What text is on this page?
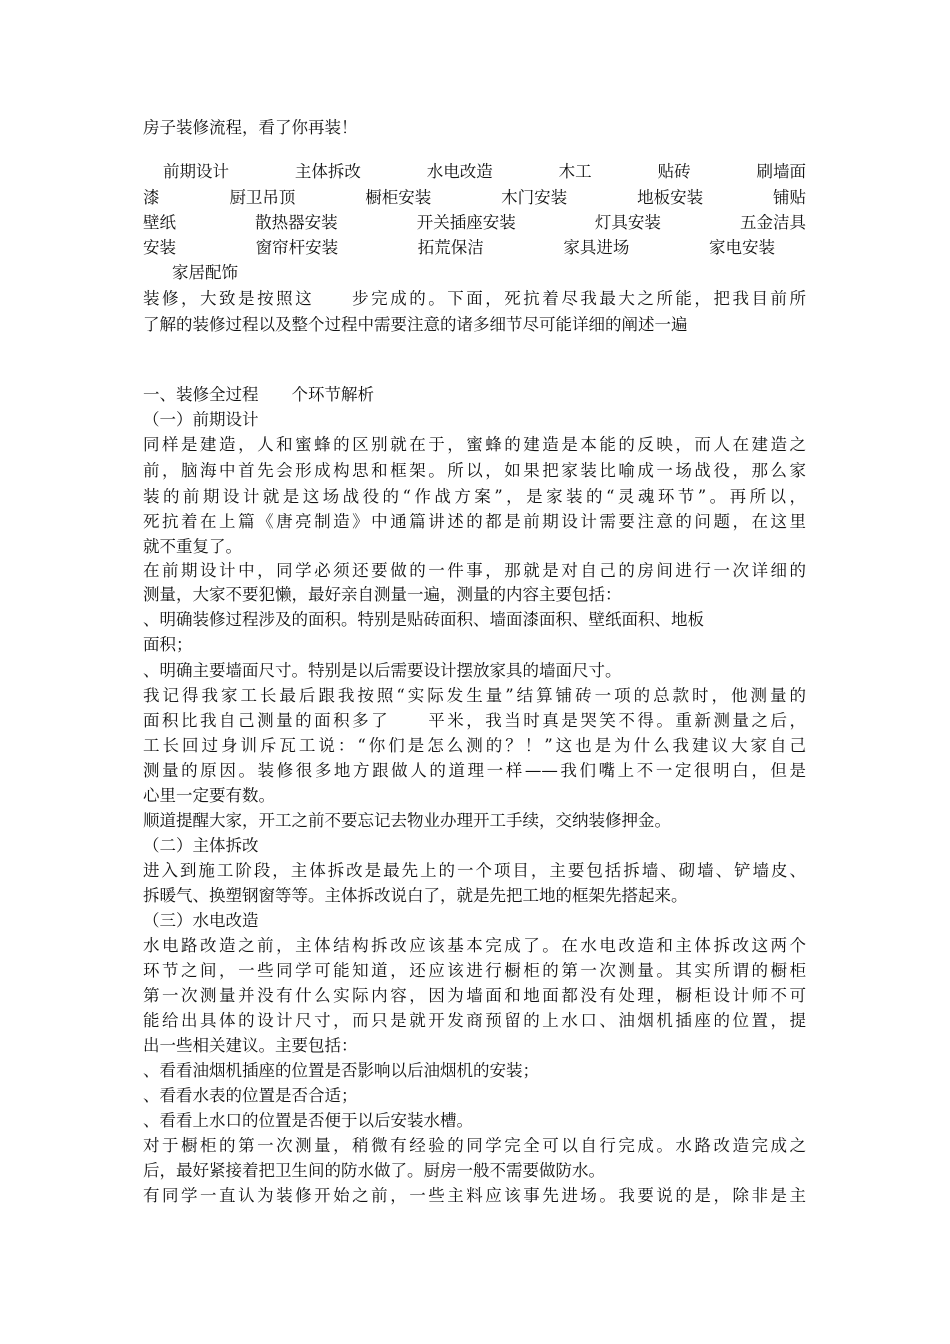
房子装修流程，看了你再装！
前期设计	主体拆改	水电改造	木工	贴砖	刷墙面
漆	厨卫吊顶	橱柜安装	木门安装	地板安装	铺贴
壁纸	散热器安装	开关插座安装	灯具安装	五金洁具
安装	窗帘杆安装	拓荒保洁	家具进场	家电安装
家居配饰
装修，大致是按照这　　步完成的。下面，死抗着尽我最大之所能，把我目前所
了解的装修过程以及整个过程中需要注意的诸多细节尽可能详细的阐述一遍
一、装修全过程　　个环节解析
（一）前期设计
同样是建造，人和蜜蜂的区别就在于，蜜蜂的建造是本能的反映，而人在建造之
前，脑海中首先会形成构思和框架。所以，如果把家装比喻成一场战役，那么家
装的前期设计就是这场战役的“作战方案”，是家装的“灵魂环节”。再所以，
死抗着在上篇《唐亮制造》中通篇讲述的都是前期设计需要注意的问题，在这里
就不重复了。
在前期设计中，同学必须还要做的一件事，那就是对自己的房间进行一次详细的
测量，大家不要犯懒，最好亲自测量一遍，测量的内容主要包括：
、明确装修过程涉及的面积。特别是贴砖面积、墙面漆面积、壁纸面积、地板
面积；
、明确主要墙面尺寸。特别是以后需要设计摆放家具的墙面尺寸。
我记得我家工长最后跟我按照“实际发生量”结算铺砖一项的总款时，他测量的
面积比我自己测量的面积多了　　平米，我当时真是哭笑不得。重新测量之后，
工长回过身训斥瓦工说：“你们是怎么测的？！”这也是为什么我建议大家自己
测量的原因。装修很多地方跟做人的道理一样——我们嘴上不一定很明白，但是
心里一定要有数。
顺道提醒大家，开工之前不要忘记去物业办理开工手续，交纳装修押金。
（二）主体拆改
进入到施工阶段，主体拆改是最先上的一个项目，主要包括拆墙、砌墙、铲墙皮、
拆暖气、换塑钢窗等等。主体拆改说白了，就是先把工地的框架先搭起来。
（三）水电改造
水电路改造之前，主体结构拆改应该基本完成了。在水电改造和主体拆改这两个
环节之间，一些同学可能知道，还应该进行橱柜的第一次测量。其实所谓的橱柜
第一次测量并没有什么实际内容，因为墙面和地面都没有处理，橱柜设计师不可
能给出具体的设计尺寸，而只是就开发商预留的上水口、油烟机插座的位置，提
出一些相关建议。主要包括：
、看看油烟机插座的位置是否影响以后油烟机的安装；
、看看水表的位置是否合适；
、看看上水口的位置是否便于以后安装水槽。
对于橱柜的第一次测量，稍微有经验的同学完全可以自行完成。水路改造完成之
后，最好紧接着把卫生间的防水做了。厨房一般不需要做防水。
有同学一直认为装修开始之前，一些主料应该事先进场。我要说的是，除非是主
